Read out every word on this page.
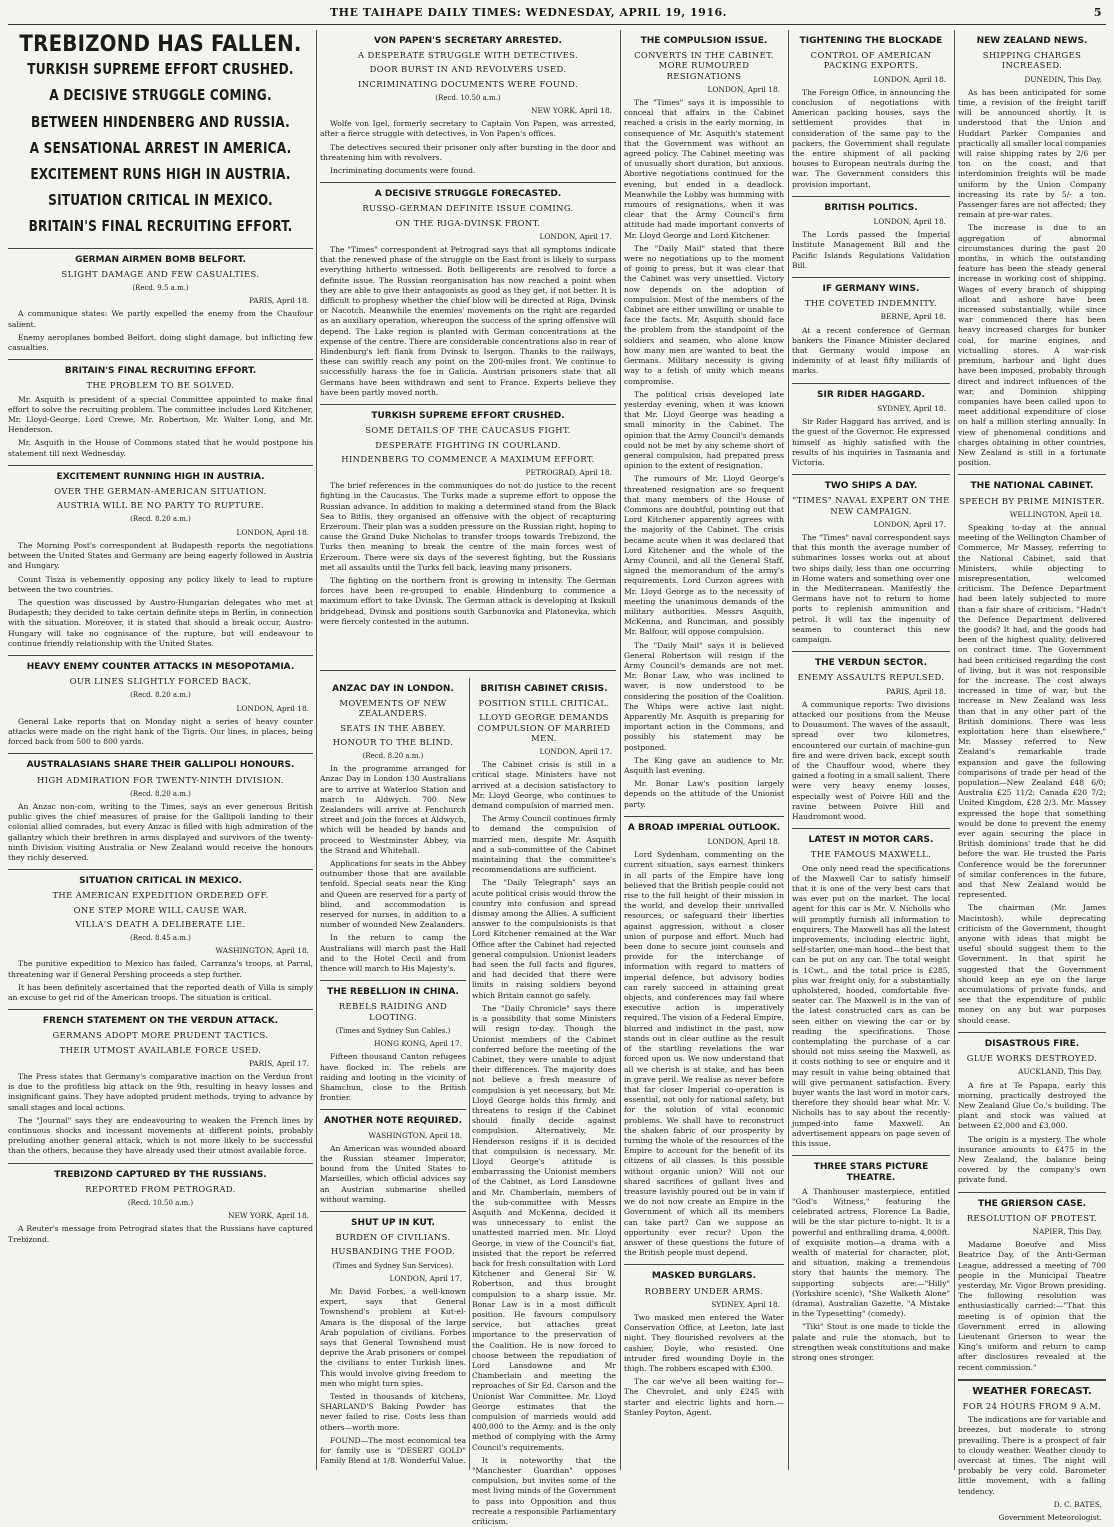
THE TAIHAPE DAILY TIMES: WEDNESDAY, APRIL 19, 1916.	5
TREBIZOND HAS FALLEN.
TURKISH SUPREME EFFORT CRUSHED.
A DECISIVE STRUGGLE COMING.
BETWEEN HINDENBERG AND RUSSIA.
A SENSATIONAL ARREST IN AMERICA.
EXCITEMENT RUNS HIGH IN AUSTRIA.
SITUATION CRITICAL IN MEXICO.
BRITAIN'S FINAL RECRUITING EFFORT.
GERMAN AIRMEN BOMB BELFORT.
SLIGHT DAMAGE AND FEW CASUALTIES.
(Recd. 9.5 a.m.)
PARIS, April 18.

A communique states: We partly expelled the enemy from the Chaufour salient.

Enemy aeroplanes bombed Belfort, doing slight damage, but inflicting few casualties.

BRITAIN'S FINAL RECRUITING EFFORT.
THE PROBLEM TO BE SOLVED.

Mr. Asquith is president of a special Committee appointed to make final effort to solve the recruiting problem. The committee includes Lord Kitchener, Mr. Lloyd-George, Lord Crewe, Mr. Robertson, Mr. Walter Long, and Mr. Henderson.

Mr. Asquith in the House of Commons stated that he would postpone his statement till next Wednesday.

EXCITEMENT RUNNING HIGH IN AUSTRIA.
OVER THE GERMAN-AMERICAN SITUATION.
AUSTRIA WILL BE NO PARTY TO RUPTURE.
(Recd. 8.20 a.m.)
LONDON, April 18.

The Morning Post's correspondent at Budapesth reports the negotiations between the United States and Germany are being eagerly followed in Austria and Hungary.

Count Tisza is vehemently opposing any policy likely to lead to rupture between the two countries.

The question was discussed by Austro-Hungarian delegates who met at Budapesth; they decided to take certain definite steps in Berlin, in connection with the situation. Moreover, it is stated that should a break occur, Austro-Hungary will take no cognisance of the rupture, but will endeavour to continue friendly relationship with the United States.

HEAVY ENEMY COUNTER ATTACKS IN MESOPOTAMIA.
OUR LINES SLIGHTLY FORCED BACK.
(Recd. 8.20 a.m.)
LONDON, April 18.

General Lake reports that on Monday night a series of heavy counter attacks were made on the right bank of the Tigris. Our lines, in places, being forced back from 500 to 800 yards.

AUSTRALASIANS SHARE THEIR GALLIPOLI HONOURS.
HIGH ADMIRATION FOR TWENTY-NINTH DIVISION.
(Recd. 8.20 a.m.)

An Anzac non-com, writing to the Times, says an ever generous British public gives the chief measures of praise for the Gallipoli landing to their colonial allied comrades, but every Anzac is filled with high admiration of the gallantry which their brethren in arms displayed and survivors of the twenty-ninth Division visiting Australia or New Zealand would receive the honours they richly deserved.

SITUATION CRITICAL IN MEXICO.
THE AMERICAN EXPEDITION ORDERED OFF.
ONE STEP MORE WILL CAUSE WAR.
VILLA'S DEATH A DELIBERATE LIE.
(Recd. 8.45 a.m.)
WASHINGTON, April 18.

The punitive expedition to Mexico has failed, Carranza's troops, at Parral, threatening war if General Pershing proceeds a step further.

It has been definitely ascertained that the reported death of Villa is simply an excuse to get rid of the American troops. The situation is critical.

FRENCH STATEMENT ON THE VERDUN ATTACK.
GERMANS ADOPT MORE PRUDENT TACTICS.
THEIR UTMOST AVAILABLE FORCE USED.
PARIS, April 17.

The Press states that Germany's comparative inaction on the Verdun front is due to the profitless big attack on the 9th, resulting in heavy losses and insignificant gains. They have adopted prudent methods, trying to advance by small stages and local actions.

The "Journal" says they are endeavouring to weaken the French lines by continuous shocks and incessant movements at different points, probably preluding another general attack, which is not more likely to be successful than the others, because they have already used their utmost available force.

TREBIZOND CAPTURED BY THE RUSSIANS.
REPORTED FROM PETROGRAD.
(Recd. 10.50 a.m.)
NEW YORK, April 18.

A Reuter's message from Petrograd states that the Russians have captured Trebizond.

VON PAPEN'S SECRETARY ARRESTED.
A DESPERATE STRUGGLE WITH DETECTIVES.
DOOR BURST IN AND REVOLVERS USED.
INCRIMINATING DOCUMENTS WERE FOUND.
(Recd. 10.50 a.m.)
NEW YORK, April 18.

Wolfe von Igel, formerly secretary to Captain Von Papen, was arrested, after a fierce struggle with detectives, in Von Papen's offices.

The detectives secured their prisoner only after bursting in the door and threatening him with revolvers.

Incriminating documents were found.

A DECISIVE STRUGGLE FORECASTED.
RUSSO-GERMAN DEFINITE ISSUE COMING.
ON THE RIGA-DVINSK FRONT.
LONDON, April 17.

The "Times" correspondent at Petrograd says that all symptoms indicate that the renewed phase of the struggle on the East front is likely to surpass everything hitherto witnessed. Both belligerents are resolved to force a definite issue. The Russian reorganisation has now reached a point when they are able to give their antagonists as good as they get, if not better. It is difficult to prophesy whether the chief blow will be directed at Riga, Dvinsk or Nacotch. Meanwhile the enemies' movements on the right are regarded as an auxiliary operation, whereupon the success of the spring offensive will depend. The Lake region is planted with German concentrations at the expense of the centre. There are considerable concentrations also in rear of Hindenburg's left flank from Dvinsk to Isergon. Thanks to the railways, these can swiftly reach any point on the 200-miles front. We continue to successfully harass the foe in Galicia. Austrian prisoners state that all Germans have been withdrawn and sent to France. Experts believe they have been partly moved north.

TURKISH SUPREME EFFORT CRUSHED.
SOME DETAILS OF THE CAUCASUS FIGHT.
DESPERATE FIGHTING IN COURLAND.
HINDENBERG TO COMMENCE A MAXIMUM EFFORT.
PETROGRAD, April 18.

The brief references in the communiques do not do justice to the recent fighting in the Caucasus. The Turks made a supreme effort to oppose the Russian advance. In addition to making a determined stand from the Black Sea to Bitlis, they organised an offensive with the object of recapturing Erzeroum. Their plan was a sudden pressure on the Russian right, hoping to cause the Grand Duke Nicholas to transfer troops towards Trebizond, the Turks then meaning to break the centre of the main forces west of Erzeroum. There were six days of the severest fighting, but the Russians met all assaults until the Turks fell back, leaving many prisoners.

The fighting on the northern front is growing in intensity. The German forces have been re-grouped to enable Hindenburg to commence a maximum effort to take Dvinsk. The German attack is developing at Ikskull bridgehead, Dvinsk and positions south Garbunovka and Platonevka, which were fiercely contested in the autumn.

ANZAC DAY IN LONDON.
MOVEMENTS OF NEW ZEALANDERS.
SEATS IN THE ABBEY.
HONOUR TO THE BLIND.
(Recd. 8.20 a.m.)

In the programme arranged for Anzac Day in London 130 Australians are to arrive at Waterloo Station and march to Aldwych. 700 New Zealanders will arrive at Fenchurch street and join the forces at Aldwych, which will be headed by bands and proceed to Westminster Abbey, via the Strand and Whitehall.

Applications for seats in the Abbey outnumber those that are available tenfold. Special seats near the King and Queen are reserved for a party of blind, and accommodation is reserved for nurses, in addition to a number of wounded New Zealanders.

In the return to camp the Australians will march past the Hall and to the Hotel Cecil and from thence will march to His Majesty's.

THE REBELLION IN CHINA.
REBELS RAIDING AND LOOTING.
(Times and Sydney Sun Cables.)
HONG KONG, April 17.

Fifteen thousand Canton refugees have flocked in. The rebels are raiding and looting in the vicinity of Shamchun, close to the British frontier.

ANOTHER NOTE REQUIRED.
WASHINGTON, April 18.

An American was wounded aboard the Russian steamer Imperator, bound from the United States to Marseilles, which official advices say an Austrian submarine shelled without warning.

SHUT UP IN KUT.
BURDEN OF CIVILIANS.
HUSBANDING THE FOOD.
(Times and Sydney Sun Services).
LONDON, April 17.

Mr. David Forbes, a well-known expert, says that General Townshend's problem at Kut-el-Amara is the disposal of the large Arab population of civilians. Forbes says that General Townshend must deprive the Arab prisoners or compel the civilians to enter Turkish lines. This would involve giving freedom to men who might turn spies.

Tested in thousands of kitchens, SHARLAND'S Baking Powder has never failed to rise. Costs less than others—worth more.

FOUND—The most economical tea for family use is "DESERT GOLD" Family Blend at 1/8. Wonderful Value.

BRITISH CABINET CRISIS.
POSITION STILL CRITICAL.
LLOYD GEORGE DEMANDS COMPULSION OF MARRIED MEN.
LONDON, April 17.

The Cabinet crisis is still in a critical stage. Ministers have not arrived at a decision satisfactory to Mr. Lloyd George, who continues to demand compulsion of married men.

The Army Council continues firmly to demand the compulsion of married men, despite Mr. Asquith and a sub-committee of the Cabinet maintaining that the committee's recommendations are sufficient.

The "Daily Telegraph" says an acute political crisis would throw the country into confusion and spread dismay among the Allies. A sufficient answer to the compulsionists is that Lord Kitchener remained at the War Office after the Cabinet had rejected general compulsion. Unionist leaders had seen the full facts and figures, and had decided that there were limits in raising soldiers beyond which Britain cannot go safely.

The "Daily Chronicle" says there is a possibility that some Ministers will resign to-day. Though the Unionist members of the Cabinet conferred before the meeting of the Cabinet, they were unable to adjust their differences. The majority does not believe a fresh measure of compulsion is yet necessary, but Mr. Lloyd George holds this firmly, and threatens to resign if the Cabinet should finally decide against compulsion. Alternatively, Mr. Henderson resigns if it is decided that compulsion is necessary. Mr. Lloyd George's attitude is embarrassing the Unionist members of the Cabinet, as Lord Lansdowne and Mr. Chamberlain, members of the sub-committee with Messrs Asquith and McKenna, decided it was unnecessary to enlist the unattested married men. Mr. Lloyd George, in view of the Council's fiat, insisted that the report be referred back for fresh consultation with Lord Kitchener and General Sir W. Robertson, and thus brought compulsion to a sharp issue. Mr. Bonar Law is in a most difficult position. He favours compulsory service, but attaches great importance to the preservation of the Coalition. He is now forced to choose between the repudiation of Lord Lansdowne and Mr Chamberlain and meeting the reproaches of Sir Ed. Carson and the Unionist War Committee. Mr. Lloyd George estimates that the compulsion of marrieds would add 400,000 to the Army, and is the only method of complying with the Army Council's requirements.

It is noteworthy that the "Manchester Guardian" opposes compulsion, but invites some of the most living minds of the Government to pass into Opposition and thus recreate a responsible Parliamentary criticism.

THE COMPULSION ISSUE.
CONVERTS IN THE CABINET. MORE RUMOURED RESIGNATIONS
LONDON, April 18.

The "Times" says it is impossible to conceal that affairs in the Cabinet reached a crisis in the early morning, in consequence of Mr. Asquith's statement that the Government was without an agreed policy. The Cabinet meeting was of unusually short duration, but anxious. Abortive negotiations continued for the evening, but ended in a deadlock. Meanwhile the Lobby was humming with rumours of resignations, when it was clear that the Army Council's firm attitude had made important converts of Mr. Lloyd George and Lord Kitchener.

The "Daily Mail" stated that there were no negotiations up to the moment of going to press, but it was clear that the Cabinet was very unsettled. Victory now depends on the adoption of compulsion. Most of the members of the Cabinet are either unwilling or unable to face the facts. Mr. Asquith should face the problem from the standpoint of the soldiers and seamen, who alone know how many men are wanted to beat the Germans. Military necessity is giving way to a fetish of unity which means compromise.

The political crisis developed late yesterday evening, when it was known that Mr. Lloyd George was heading a small minority in the Cabinet. The opinion that the Army Council's demands could not be met by any scheme short of general compulsion, had prepared press opinion to the extent of resignation.

The rumours of Mr. Lloyd George's threatened resignation are so frequent that many members of the House of Commons are doubtful, pointing out that Lord Kitchener apparently agrees with the majority of the Cabinet. The crisis became acute when it was declared that Lord Kitchener and the whole of the Army Council, and all the General Staff, signed the memorandum of the army's requirements. Lord Curzon agrees with Mr. Lloyd George as to the necessity of meeting the unanimous demands of the military authorities. Messrs Asquith, McKenna, and Runciman, and possibly Mr. Balfour, will oppose compulsion.

The "Daily Mail" says it is believed General Robertson will resign if the Army Council's demands are not met. Mr. Bonar Law, who was inclined to waver, is now understood to be considering the position of the Coalition. The Whips were active last night. Apparently Mr. Asquith is preparing for important action in the Commons, and possibly his statement may be postponed.

The King gave an audience to Mr. Asquith last evening.

Mr. Bonar Law's position largely depends on the attitude of the Unionist party.

A BROAD IMPERIAL OUTLOOK.
LONDON, April 18.

Lord Sydenham, commenting on the current situation, says earnest thinkers in all parts of the Empire have long believed that the British people could not rise to the full height of their mission in the world, and develop their unrivalled resources, or safeguard their liberties against aggression, without a closer union of purpose and effort. Much had been done to secure joint counsels and provide for the interchange of information with regard to matters of imperial defence, but advisory bodies can rarely succeed in attaining great objects, and conferences may fail where executive action is imperatively required. The vision of a Federal Empire, blurred and indistinct in the past, now stands out in clear outline as the result of the startling revelations the war forced upon us. We now understand that all we cherish is at stake, and has been in grave peril. We realise as never before that far closer Imperial co-operation is essential, not only for national safety, but for the solution of vital economic problems. We shall have to reconstruct the shaken fabric of our prosperity by turning the whole of the resources of the Empire to account for the benefit of its citizens of all classes. Is this possible without organic union? Will not our shared sacrifices of gallant lives and treasure lavishly poured out be in vain if we do not now create an Empire in the Government of which all its members can take part? Can we suppose an opportunity ever recur? Upon the answer of these questions the future of the British people must depend.

MASKED BURGLARS.
ROBBERY UNDER ARMS.
SYDNEY, April 18.

Two masked men entered the Water Conservation Office, at Leeton, late last night. They flourished revolvers at the cashier, Doyle, who resisted. One intruder fired wounding Doyle in the thigh. The robbers escaped with £300.

The car we've all been waiting for—The Chevrolet, and only £245 with starter and electric lights and horn.—Stanley Poyton, Agent.

TIGHTENING THE BLOCKADE
CONTROL OF AMERICAN PACKING EXPORTS.
LONDON, April 18.

The Foreign Office, in announcing the conclusion of negotiations with American packing houses, says the settlement provides that in consideration of the same pay to the packers, the Government shall regulate the entire shipment of all packing houses to European neutrals during the war. The Government considers this provision important.

BRITISH POLITICS.
LONDON, April 18.

The Lords passed the Imperial Institute Management Bill and the Pacific Islands Regulations Validation Bill.

IF GERMANY WINS.
THE COVETED INDEMNITY.
BERNE, April 18.

At a recent conference of German bankers the Finance Minister declared that Germany would impose an indemnity of at least fifty milliards of marks.

SIR RIDER HAGGARD.
SYDNEY, April 18.

Sir Rider Haggard has arrived, and is the guest of the Governor. He expressed himself as highly satisfied with the results of his inquiries in Tasmania and Victoria.

TWO SHIPS A DAY.
"TIMES" NAVAL EXPERT ON THE NEW CAMPAIGN.
LONDON, April 17.

The "Times" naval correspondent says that this month the average number of submarines losses works out at about two ships daily, less than one occurring in Home waters and something over one in the Mediterranean. Manifestly the Germans have not to return to home ports to replenish ammunition and petrol. It will tax the ingenuity of seamen to counteract this new campaign.

THE VERDUN SECTOR.
ENEMY ASSAULTS REPULSED.
PARIS, April 18.

A communique reports: Two divisions attacked our positions from the Meuse to Douaumont. The waves of the assault, spread over two kilometres, encountered our curtain of machine-gun fire and were driven back, except south of the Chauffour wood, where they gained a footing in a small salient. There were very heavy enemy losses, especially west of Poivre Hill and the ravine between Poivre Hill and Haudromont wood.

LATEST IN MOTOR CARS.
THE FAMOUS MAXWELL.

One only need read the specifications of the Maxwell Car to satisfy himself that it is one of the very best cars that was ever put on the market. The local agent for this car is Mr. V. Nicholls who will promptly furnish all information to enquirers. The Maxwell has all the latest improvements, including electric light, self-starter, one-man hood—the best that can be put on any car. The total weight is 1Cwt., and the total price is £285, plus war freight only, for a substantially upholstered, hooded, comfortable five-seater car. The Maxwell is in the van of the latest constructed cars as can be seen either on viewing the car or by reading the specifications. Those contemplating the purchase of a car should not miss seeing the Maxwell, as it costs nothing to see or enquire and it may result in value being obtained that will give permanent satisfaction. Every buyer wants the last word in motor cars, therefore they should hear what Mr. V. Nicholls has to say about the recently-jumped-into fame Maxwell. An advertisement appears on page seven of this issue.

THREE STARS PICTURE THEATRE.

A Thanhouser masterpiece, entitled "God's Witness," featuring the celebrated actress, Florence La Badie, will be the star picture to-night. It is a powerful and enthralling drama, 4,000ft. of exquisite motion—a drama with a wealth of material for character, plot, and situation, making a tremendous story that haunts the memory. The supporting subjects are:—"Hilly" (Yorkshire scenic), "She Walketh Alone" (drama), Australian Gazette, "A Mistake in the Typesetting" (comedy).

"Tiki" Stout is one made to tickle the palate and rule the stomach, but to strengthen weak constitutions and make strong ones stronger.

NEW ZEALAND NEWS.
SHIPPING CHARGES INCREASED.
DUNEDIN, This Day.

As has been anticipated for some time, a revision of the freight tariff will be announced shortly. It is understood that the Union and Huddart Parker Companies and practically all smaller local companies will raise shipping rates by 2/6 per ton on the coast, and that interdominion freights will be made uniform by the Union Company increasing its rate by 5/- a ton. Passenger fares are not affected; they remain at pre-war rates.

The increase is due to an aggregation of abnormal circumstances during the past 20 months, in which the outstanding feature has been the steady general increase in working cost of shipping. Wages of every branch of shipping afloat and ashore have been increased substantially, while since war commenced there has been heavy increased charges for bunker coal, for marine engines, and victualling stores. A war-risk premium, harbour and light dues have been imposed, probably through direct and indirect influences of the war, and Dominion shipping companies have been called upon to meet additional expenditure of close on half a million sterling annually. In view of phenomenal conditions and charges obtaining in other countries, New Zealand is still in a fortunate position.

THE NATIONAL CABINET.
SPEECH BY PRIME MINISTER.
WELLINGTON, April 18.

Speaking to-day at the annual meeting of the Wellington Chamber of Commerce, Mr Massey, referring to the National Cabinet, said that Ministers, while objecting to misrepresentation, welcomed criticism. The Defence Department had been lately subjected to more than a fair share of criticism. "Hadn't the Defence Department delivered the goods? It had, and the goods had been of the highest quality, delivered on contract time. The Government had been criticised regarding the cost of living, but it was not responsible for the increase. The cost always increased in time of war, but the increase in New Zealand was less than that in any other part of the British dominions. There was less exploitation here than elsewhere." Mr. Massey referred to New Zealand's remarkable trade expansion and gave the following comparisons of trade per head of the population—New Zealand £48 6/0; Australia £25 11/2; Canada £20 7/2; United Kingdom, £28 2/3. Mr. Massey expressed the hope that something would be done to prevent the enemy ever again securing the place in British dominions' trade that he did before the war. He trusted the Paris Conference would be the forerunner of similar conferences in the future, and that New Zealand would be represented.

The chairman (Mr. James Macintosh), while deprecating criticism of the Government, thought anyone with ideas that might be useful should suggest them to the Government. In that spirit he suggested that the Government should keep an eye on the large accumulations of private funds, and see that the expenditure of public money on any but war purposes should cease.

DISASTROUS FIRE.
GLUE WORKS DESTROYED.
AUCKLAND, This Day.

A fire at Te Papapa, early this morning, practically destroyed the New Zealand Glue Co.'s building. The plant and stock was valued at between £2,000 and £3,000.

The origin is a mystery. The whole insurance amounts to £475 in the New Zealand, the balance being covered by the company's own private fund.

THE GRIERSON CASE.
RESOLUTION OF PROTEST.
NAPIER, This Day.

Madame Boeufve and Miss Beatrice Day, of the Anti-German League, addressed a meeting of 700 people in the Municipal Theatre yesterday, Mr. Vigor Brown presiding. The following resolution was enthusiastically carried:—"That this meeting is of opinion that the Government erred in allowing Lieutenant Grierson to wear the King's uniform and return to camp after disclosures revealed at the recent commission."

WEATHER FORECAST.
FOR 24 HOURS FROM 9 A.M.

The indications are for variable and breezes, but moderate to strong prevailing. There is a prospect of fair to cloudy weather. Weather cloudy to overcast at times. The night will probably be very cold. Barometer little movement, with a falling tendency.

D. C. BATES,
Government Meteorologist.
